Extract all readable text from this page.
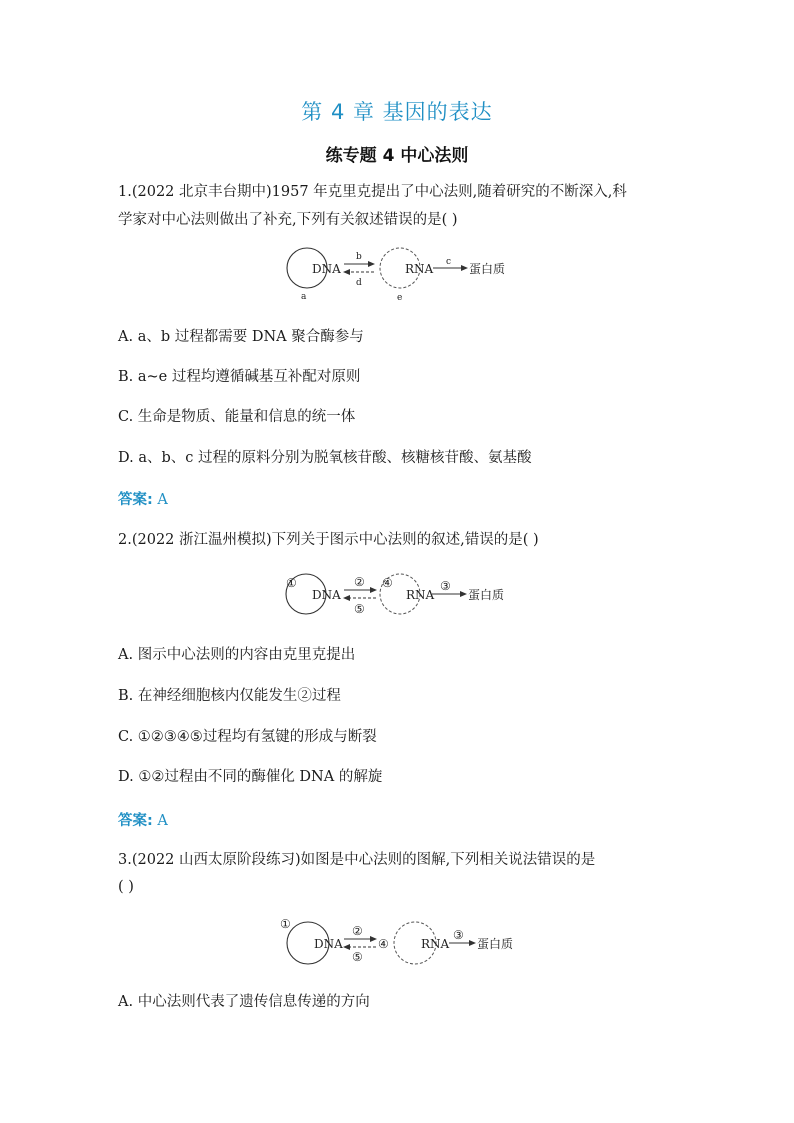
第 4 章 基因的表达
练专题 4 中心法则
1.(2022 北京丰台期中)1957 年克里克提出了中心法则,随着研究的不断深入,科
学家对中心法则做出了补充,下列有关叙述错误的是( )
DNA	RNA	蛋白质
b
d
c
a	e
A. a、b 过程都需要 DNA 聚合酶参与
B. a~e 过程均遵循碱基互补配对原则
C. 生命是物质、能量和信息的统一体
D. a、b、c 过程的原料分别为脱氧核苷酸、核糖核苷酸、氨基酸
答案: A
2.(2022 浙江温州模拟)下列关于图示中心法则的叙述,错误的是( )
①
DNA
②
⑤
④
RNA
③
蛋白质
A. 图示中心法则的内容由克里克提出
B. 在神经细胞核内仅能发生②过程
C. ①②③④⑤过程均有氢键的形成与断裂
D. ①②过程由不同的酶催化 DNA 的解旋
答案: A
3.(2022 山西太原阶段练习)如图是中心法则的图解,下列相关说法错误的是
( )
①
DNA
②
⑤
④	RNA
③
蛋白质
A. 中心法则代表了遗传信息传递的方向
